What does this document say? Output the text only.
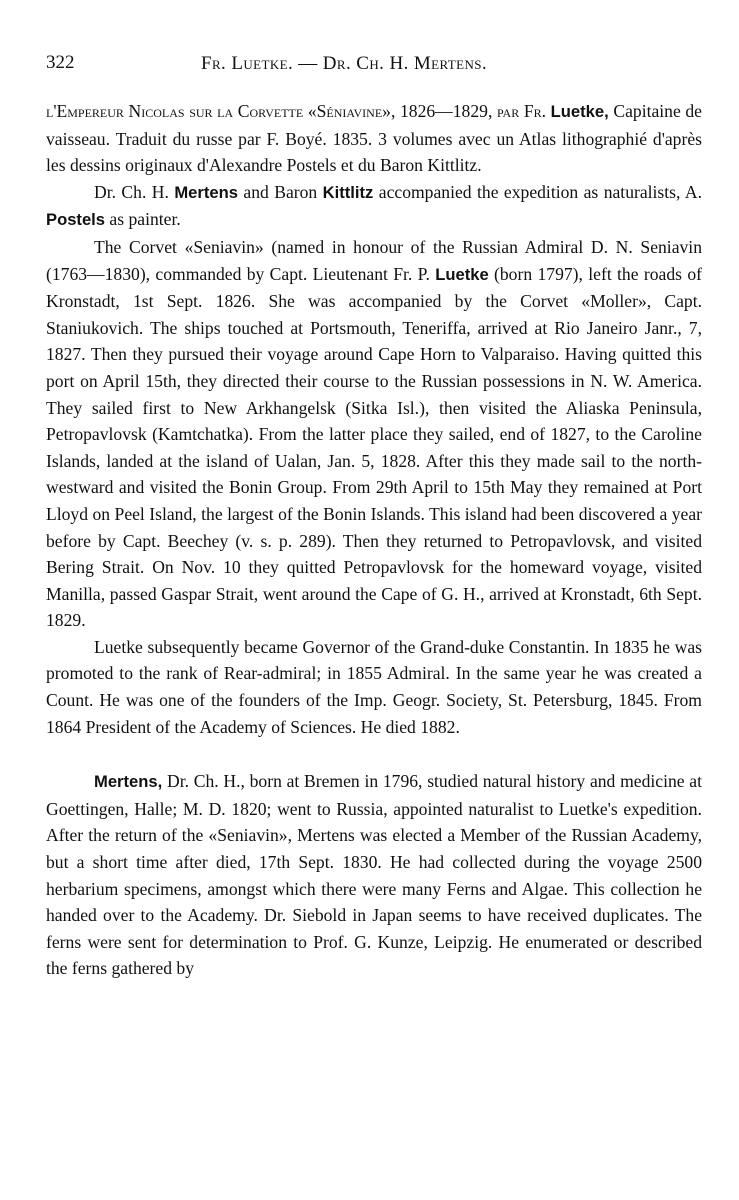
322	Fr. Luetke. — Dr. Ch. H. Mertens.

l'Empereur Nicolas sur la Corvette «Séniavine», 1826—1829, par Fr. Luetke, Capitaine de vaisseau. Traduit du russe par F. Boyé. 1835. 3 volumes avec un Atlas lithographié d'après les dessins originaux d'Alexandre Postels et du Baron Kittlitz.

Dr. Ch. H. Mertens and Baron Kittlitz accompanied the expedition as naturalists, A. Postels as painter.

The Corvet «Seniavin» (named in honour of the Russian Admiral D. N. Seniavin (1763—1830), commanded by Capt. Lieutenant Fr. P. Luetke (born 1797), left the roads of Kronstadt, 1st Sept. 1826. She was accompanied by the Corvet «Moller», Capt. Staniukovich. The ships touched at Portsmouth, Teneriffa, arrived at Rio Janeiro Janr., 7, 1827. Then they pursued their voyage around Cape Horn to Valparaiso. Having quitted this port on April 15th, they directed their course to the Russian possessions in N. W. America. They sailed first to New Arkhangelsk (Sitka Isl.), then visited the Aliaska Peninsula, Petropavlovsk (Kamtchatka). From the latter place they sailed, end of 1827, to the Caroline Islands, landed at the island of Ualan, Jan. 5, 1828. After this they made sail to the north-westward and visited the Bonin Group. From 29th April to 15th May they remained at Port Lloyd on Peel Island, the largest of the Bonin Islands. This island had been discovered a year before by Capt. Beechey (v. s. p. 289). Then they returned to Petropavlovsk, and visited Bering Strait. On Nov. 10 they quitted Petropavlovsk for the homeward voyage, visited Manilla, passed Gaspar Strait, went around the Cape of G. H., arrived at Kronstadt, 6th Sept. 1829.

Luetke subsequently became Governor of the Grand-duke Constantin. In 1835 he was promoted to the rank of Rear-admiral; in 1855 Admiral. In the same year he was created a Count. He was one of the founders of the Imp. Geogr. Society, St. Petersburg, 1845. From 1864 President of the Academy of Sciences. He died 1882.

Mertens, Dr. Ch. H., born at Bremen in 1796, studied natural history and medicine at Goettingen, Halle; M. D. 1820; went to Russia, appointed naturalist to Luetke's expedition. After the return of the «Seniavin», Mertens was elected a Member of the Russian Academy, but a short time after died, 17th Sept. 1830. He had collected during the voyage 2500 herbarium specimens, amongst which there were many Ferns and Algae. This collection he handed over to the Academy. Dr. Siebold in Japan seems to have received duplicates. The ferns were sent for determination to Prof. G. Kunze, Leipzig. He enumerated or described the ferns gathered by
